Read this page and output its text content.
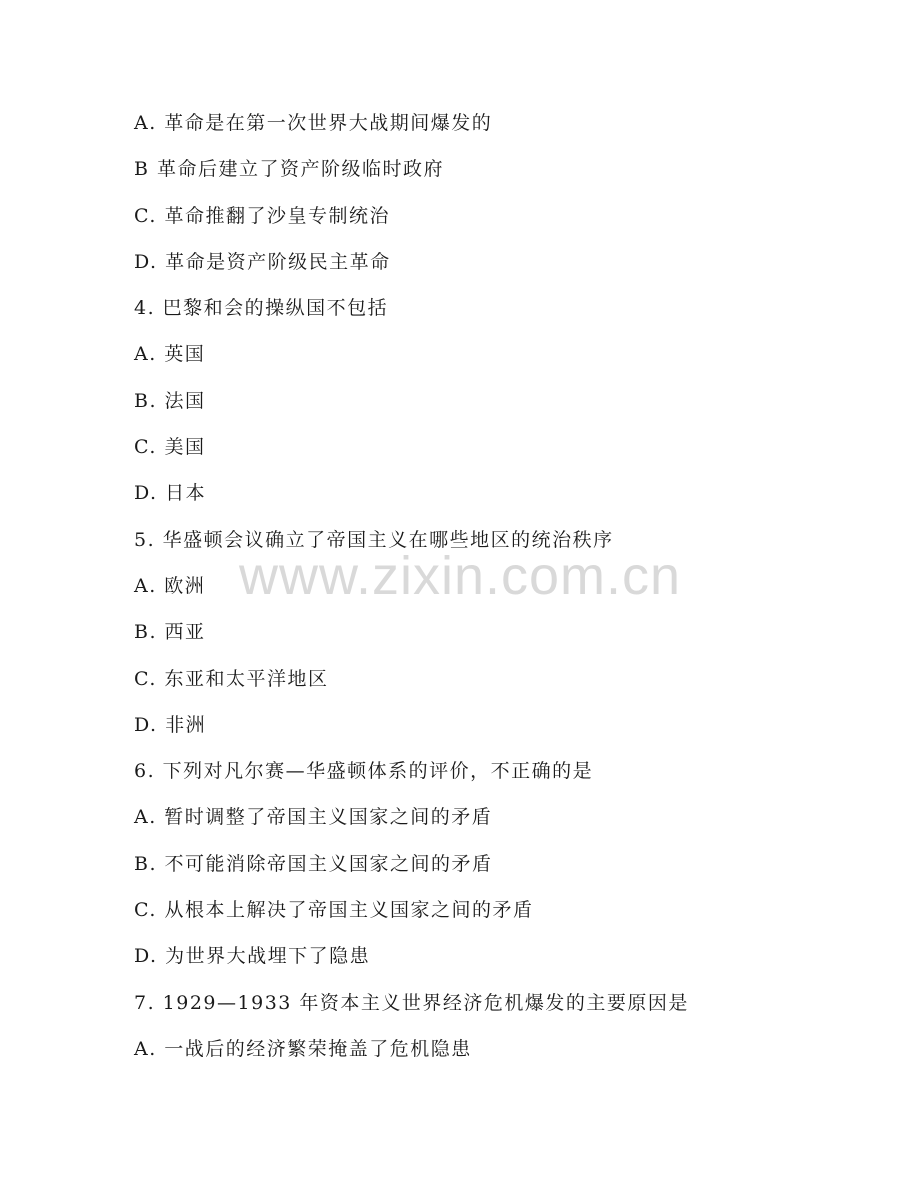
A. 革命是在第一次世界大战期间爆发的
B 革命后建立了资产阶级临时政府
C. 革命推翻了沙皇专制统治
D. 革命是资产阶级民主革命
4. 巴黎和会的操纵国不包括
A. 英国
B. 法国
C. 美国
D. 日本
5. 华盛顿会议确立了帝国主义在哪些地区的统治秩序
A. 欧洲
B. 西亚
C. 东亚和太平洋地区
D. 非洲
6. 下列对凡尔赛—华盛顿体系的评价，不正确的是
A. 暂时调整了帝国主义国家之间的矛盾
B. 不可能消除帝国主义国家之间的矛盾
C. 从根本上解决了帝国主义国家之间的矛盾
D. 为世界大战埋下了隐患
7. 1929—1933 年资本主义世界经济危机爆发的主要原因是
A. 一战后的经济繁荣掩盖了危机隐患
www.zixin.com.cn
